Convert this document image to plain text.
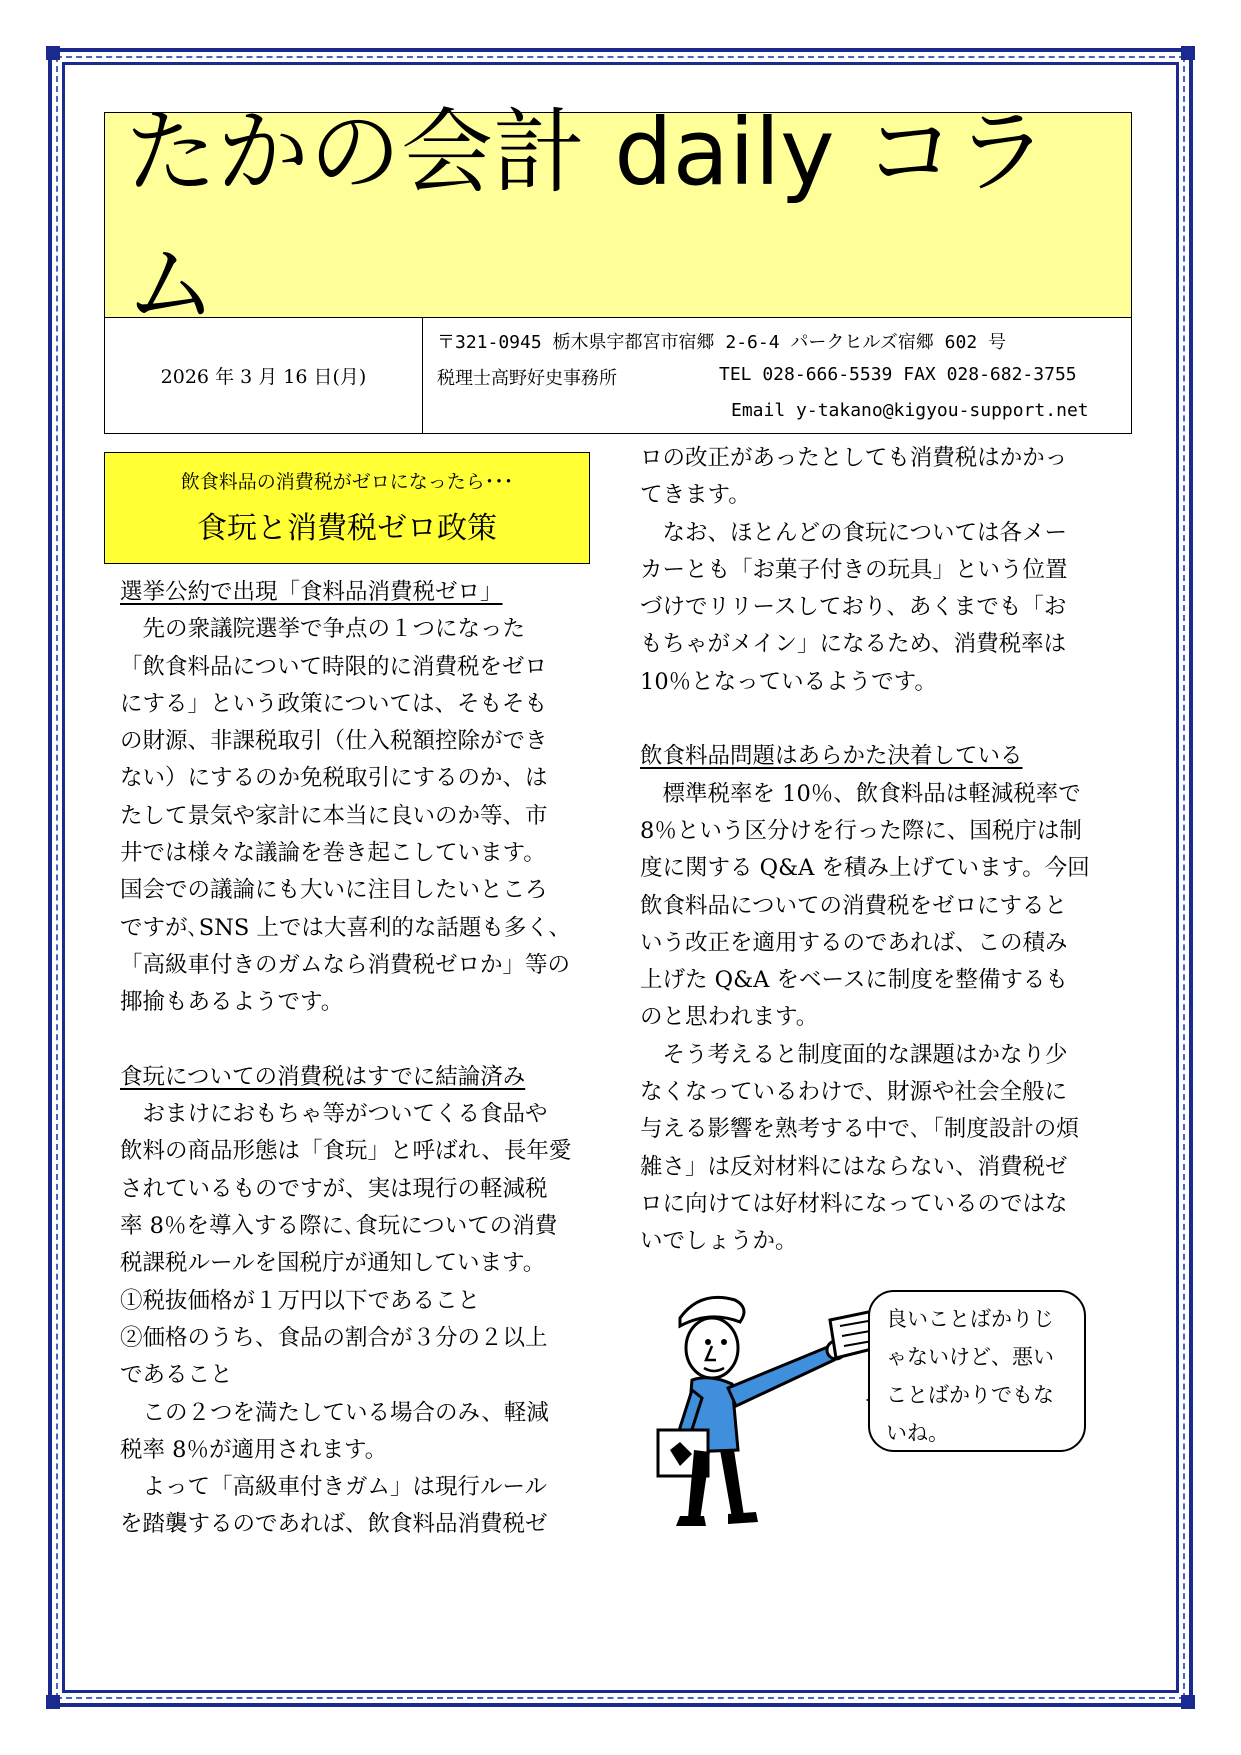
たかの会計 daily コラム
2026 年 3 月 16 日(月)
〒321-0945 栃木県宇都宮市宿郷 2-6-4 パークヒルズ宿郷 602 号
税理士高野好史事務所	TEL 028-666-5539 FAX 028-682-3755
Email y-takano@kigyou-support.net
飲食料品の消費税がゼロになったら･･･
食玩と消費税ゼロ政策
選挙公約で出現「食料品消費税ゼロ」
　先の衆議院選挙で争点の１つになった
「飲食料品について時限的に消費税をゼロ
にする」という政策については、そもそも
の財源、非課税取引（仕入税額控除ができ
ない）にするのか免税取引にするのか、は
たして景気や家計に本当に良いのか等、市
井では様々な議論を巻き起こしています。
国会での議論にも大いに注目したいところ
ですが､SNS 上では大喜利的な話題も多く、
「高級車付きのガムなら消費税ゼロか」等の
揶揄もあるようです。
食玩についての消費税はすでに結論済み
　おまけにおもちゃ等がついてくる食品や
飲料の商品形態は「食玩」と呼ばれ、長年愛
されているものですが、実は現行の軽減税
率 8％を導入する際に､食玩についての消費
税課税ルールを国税庁が通知しています。
①税抜価格が１万円以下であること
②価格のうち、食品の割合が３分の２以上
であること
　この２つを満たしている場合のみ、軽減
税率 8％が適用されます。
　よって「高級車付きガム」は現行ルール
を踏襲するのであれば、飲食料品消費税ゼ
ロの改正があったとしても消費税はかかっ
てきます。
　なお、ほとんどの食玩については各メー
カーとも「お菓子付きの玩具」という位置
づけでリリースしており、あくまでも「お
もちゃがメイン」になるため、消費税率は
10％となっているようです。
飲食料品問題はあらかた決着している
　標準税率を 10％、飲食料品は軽減税率で
8％という区分けを行った際に、国税庁は制
度に関する Q&A を積み上げています。今回
飲食料品についての消費税をゼロにすると
いう改正を適用するのであれば、この積み
上げた Q&A をベースに制度を整備するも
のと思われます。
　そう考えると制度面的な課題はかなり少
なくなっているわけで、財源や社会全般に
与える影響を熟考する中で､「制度設計の煩
雑さ」は反対材料にはならない、消費税ゼ
ロに向けては好材料になっているのではな
いでしょうか。
良いことばかりじ
ゃないけど、悪い
ことばかりでもな
いね。
